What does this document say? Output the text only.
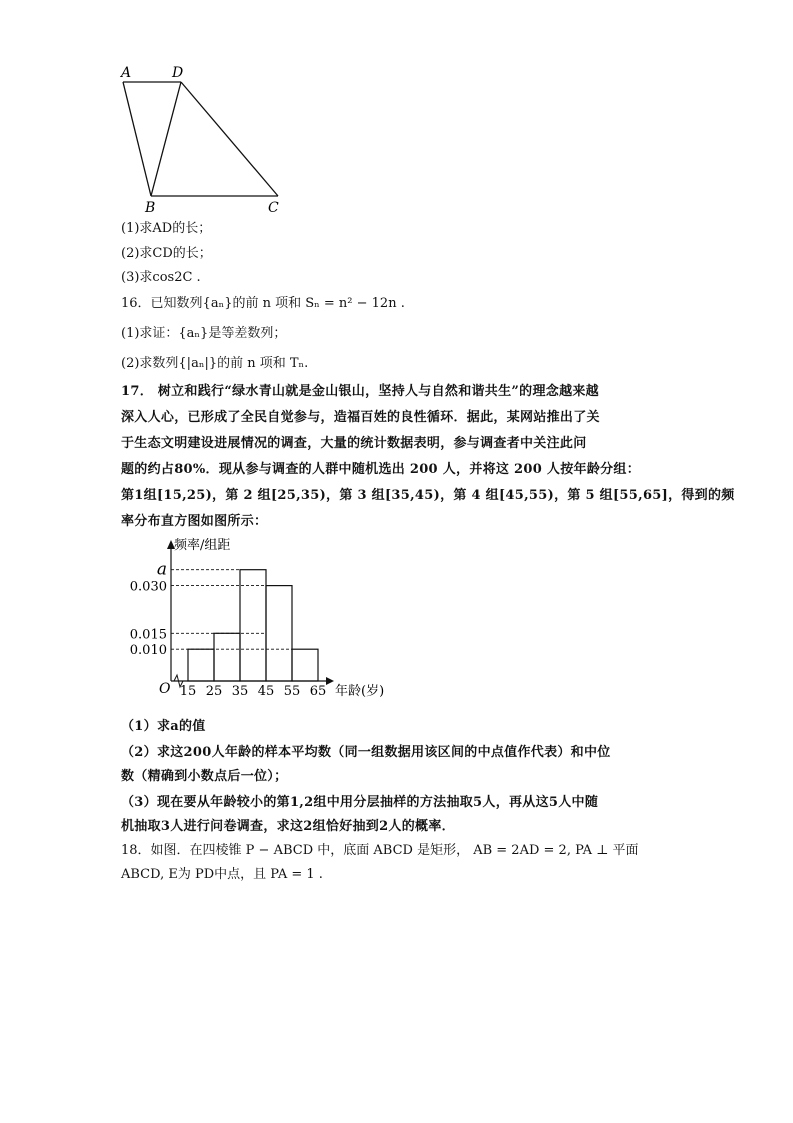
A	D
B	C
(1)求AD的长；
(2)求CD的长；
(3)求cos2C .
16．已知数列{aₙ}的前 n 项和 Sₙ = n² − 12n .
(1)求证：{aₙ}是等差数列；
(2)求数列{|aₙ|}的前 n 项和 Tₙ.
17． 树立和践行“绿水青山就是金山银山，坚持人与自然和谐共生”的理念越来越
深入人心，已形成了全民自觉参与，造福百姓的良性循环．据此，某网站推出了关
于生态文明建设进展情况的调查，大量的统计数据表明，参与调查者中关注此问
题的约占80%．现从参与调查的人群中随机选出 200 人，并将这 200 人按年龄分组：
第1组[15,25)，第 2 组[25,35)，第 3 组[35,45)，第 4 组[45,55)，第 5 组[55,65]，得到的频
率分布直方图如图所示：
0.010
0.015
0.030
a
15 25 35 45 55 65
O	年龄(岁)
频率/组距
（1）求a的值
（2）求这200人年龄的样本平均数（同一组数据用该区间的中点值作代表）和中位
数（精确到小数点后一位）；
（3）现在要从年龄较小的第1,2组中用分层抽样的方法抽取5人，再从这5人中随
机抽取3人进行问卷调查，求这2组恰好抽到2人的概率．
18．如图．在四棱锥 P − ABCD 中，底面 ABCD 是矩形， AB = 2AD = 2, PA ⊥ 平面
ABCD, E为 PD中点，且 PA = 1 .
